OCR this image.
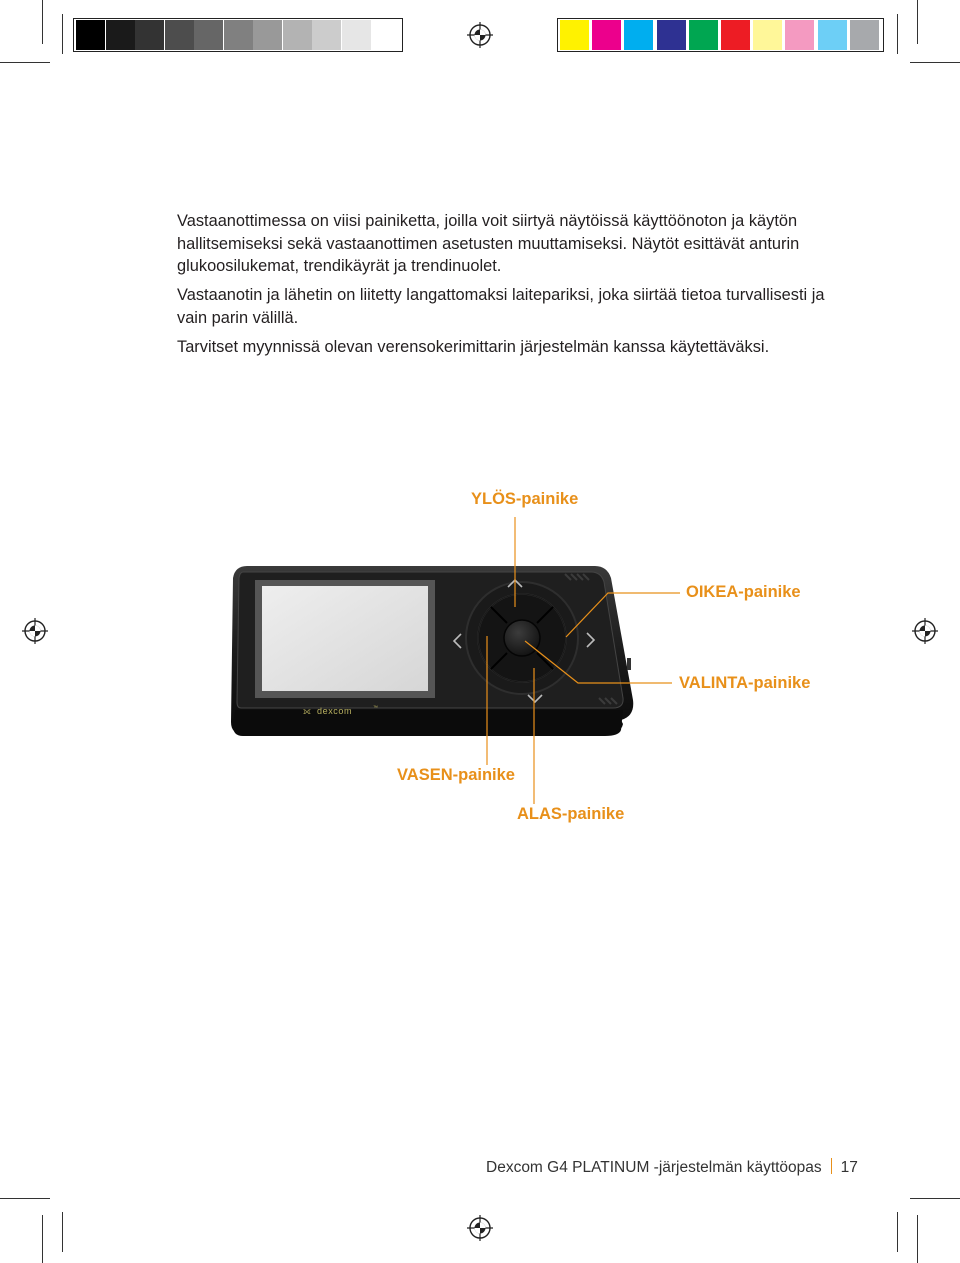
Vastaanottimessa on viisi painiketta, joilla voit siirtyä näytöissä käyttöönoton ja käytön hallitsemiseksi sekä vastaanottimen asetusten muuttamiseksi. Näytöt esittävät anturin glukoosilukemat, trendikäyrät ja trendinuolet.

Vastaanotin ja lähetin on liitetty langattomaksi laitepariksi, joka siirtää tietoa turvallisesti ja vain parin välillä.

Tarvitset myynnissä olevan verensokerimittarin järjestelmän kanssa käytettäväksi.

dexcom	™
⟗
YLÖS-painike
OIKEA-painike
VALINTA-painike
VASEN-painike
ALAS-painike
Dexcom G4 PLATINUM -järjestelmän käyttöopas 17
